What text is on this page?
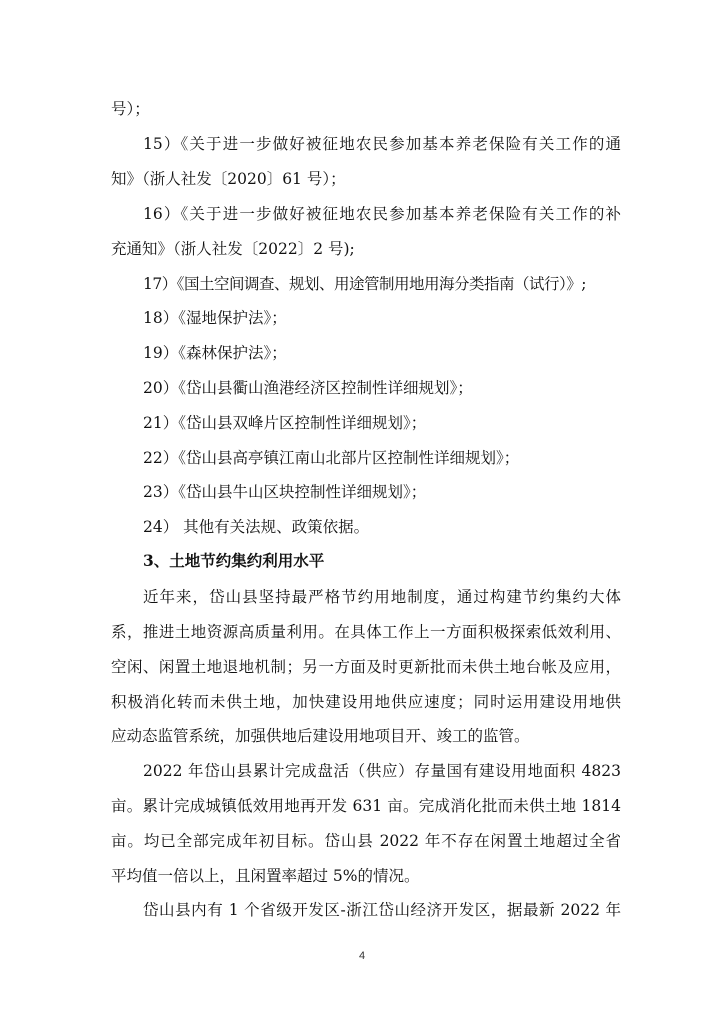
号）；
15）《关于进一步做好被征地农民参加基本养老保险有关工作的通
知》（浙人社发〔2020〕61 号）；
16）《关于进一步做好被征地农民参加基本养老保险有关工作的补
充通知》（浙人社发〔2022〕2 号);
17）《国土空间调查、规划、用途管制用地用海分类指南（试行）》;
18）《湿地保护法》；
19）《森林保护法》；
20）《岱山县衢山渔港经济区控制性详细规划》；
21）《岱山县双峰片区控制性详细规划》；
22）《岱山县高亭镇江南山北部片区控制性详细规划》；
23）《岱山县牛山区块控制性详细规划》；
24） 其他有关法规、政策依据。
3、土地节约集约利用水平
近年来，岱山县坚持最严格节约用地制度，通过构建节约集约大体
系，推进土地资源高质量利用。在具体工作上一方面积极探索低效利用、
空闲、闲置土地退地机制；另一方面及时更新批而未供土地台帐及应用，
积极消化转而未供土地，加快建设用地供应速度；同时运用建设用地供
应动态监管系统，加强供地后建设用地项目开、竣工的监管。
2022 年岱山县累计完成盘活（供应）存量国有建设用地面积 4823
亩。累计完成城镇低效用地再开发 631 亩。完成消化批而未供土地 1814
亩。均已全部完成年初目标。岱山县 2022 年不存在闲置土地超过全省
平均值一倍以上，且闲置率超过 5%的情况。
岱山县内有 1 个省级开发区-浙江岱山经济开发区，据最新 2022 年
4
